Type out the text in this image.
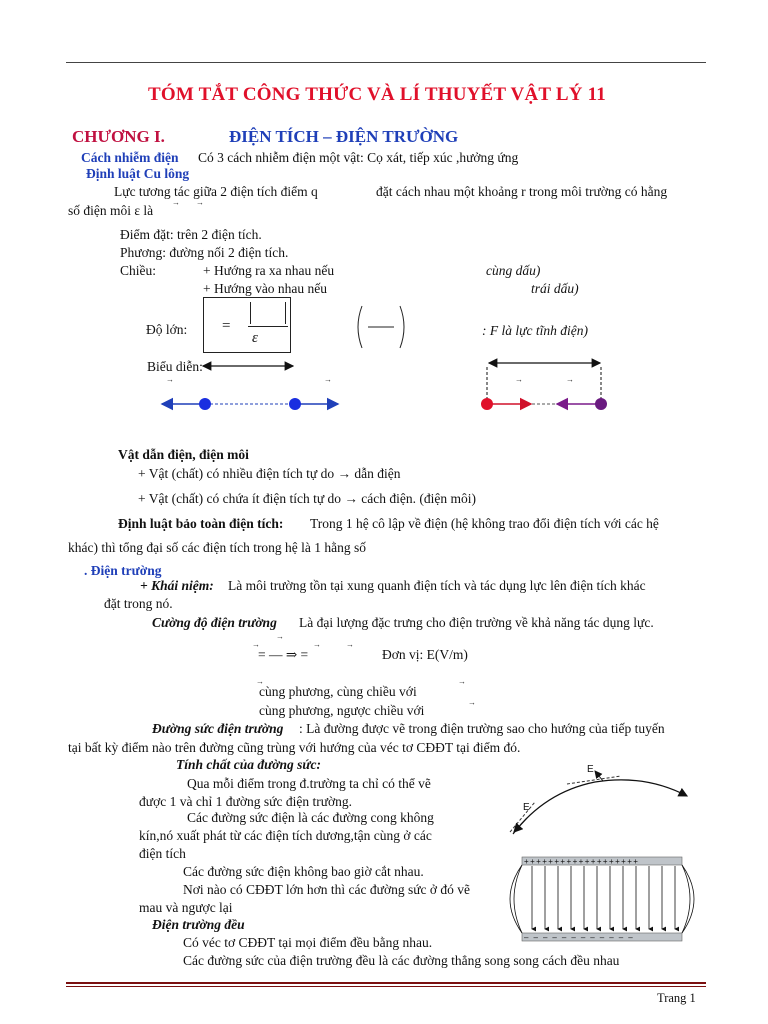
TÓM TẮT CÔNG THỨC VÀ LÍ THUYẾT VẬT LÝ 11
CHƯƠNG I.	ĐIỆN TÍCH – ĐIỆN TRƯỜNG
Cách nhiễm điện Có 3 cách nhiễm điện một vật: Cọ xát, tiếp xúc ,hưởng ứng
Định luật Cu lông
Lực tương tác giữa 2 điện tích điểm q	đặt cách nhau một khoảng r trong môi trường có hằng
số điện môi ε là
→ →
Điểm đặt: trên 2 điện tích.
Phương: đường nối 2 điện tích.
Chiều:	+ Hướng ra xa nhau nếu	cùng dấu)
+ Hướng vào nhau nếu	trái dấu)
Độ lớn: =
ε	: F là lực tĩnh điện)
Biểu diễn:
→	→	→	→
Vật dẫn điện, điện môi
+ Vật (chất) có nhiều điện tích tự do → dẫn điện
+ Vật (chất) có chứa ít điện tích tự do → cách điện. (điện môi)
Định luật bảo toàn điện tích: Trong 1 hệ cô lập về điện (hệ không trao đổi điện tích với các hệ
khác) thì tổng đại số các điện tích trong hệ là 1 hằng số
. Điện trường
+ Khái niệm: Là môi trường tồn tại xung quanh điện tích và tác dụng lực lên điện tích khác
đặt trong nó.
Cường độ điện trường Là đại lượng đặc trưng cho điện trường về khả năng tác dụng lực.
→
→
→	→
= — ⇒ =	Đơn vị: E(V/m)
→
cùng phương, cùng chiều với
→
cùng phương, ngược chiều với
→
Đường sức điện trường : Là đường được vẽ trong điện trường sao cho hướng của tiếp tuyến
tại bất kỳ điểm nào trên đường cũng trùng với hướng của véc tơ CĐĐT tại điểm đó.
Tính chất của đường sức:
Qua mỗi điểm trong đ.trường ta chỉ có thể vẽ
được 1 và chỉ 1 đường sức điện trường.
Các đường sức điện là các đường cong không
kín,nó xuất phát từ các điện tích dương,tận cùng ở các
điện tích
Các đường sức điện không bao giờ cắt nhau.
Nơi nào có CĐĐT lớn hơn thì các đường sức ở đó vẽ
mau và ngược lại
Điện trường đều
Có véc tơ CĐĐT tại mọi điểm đều bằng nhau.
Các đường sức của điện trường đều là các đường thẳng song song cách đều nhau
E
E
+++++++++++++++++++
– – – – – – – – – – – –
Trang 1
